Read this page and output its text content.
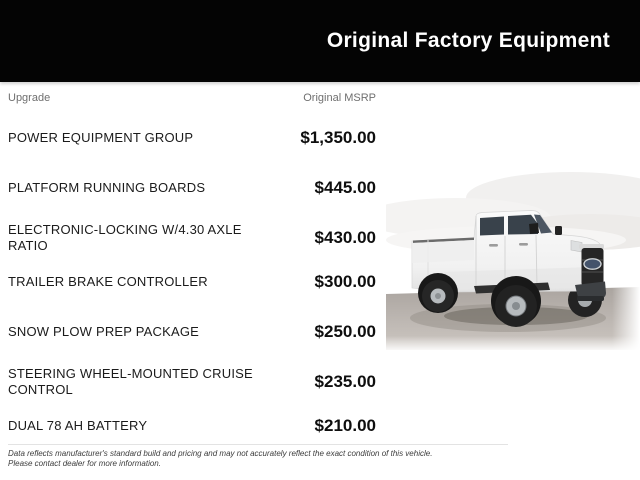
Original Factory Equipment
Upgrade	Original MSRP
POWER EQUIPMENT GROUP	$1,350.00
PLATFORM RUNNING BOARDS	$445.00
ELECTRONIC-LOCKING W/4.30 AXLE RATIO	$430.00
TRAILER BRAKE CONTROLLER	$300.00
SNOW PLOW PREP PACKAGE	$250.00
STEERING WHEEL-MOUNTED CRUISE CONTROL	$235.00
DUAL 78 AH BATTERY	$210.00
Data reflects manufacturer's standard build and pricing and may not accurately reflect the exact condition of this vehicle.
Please contact dealer for more information.
